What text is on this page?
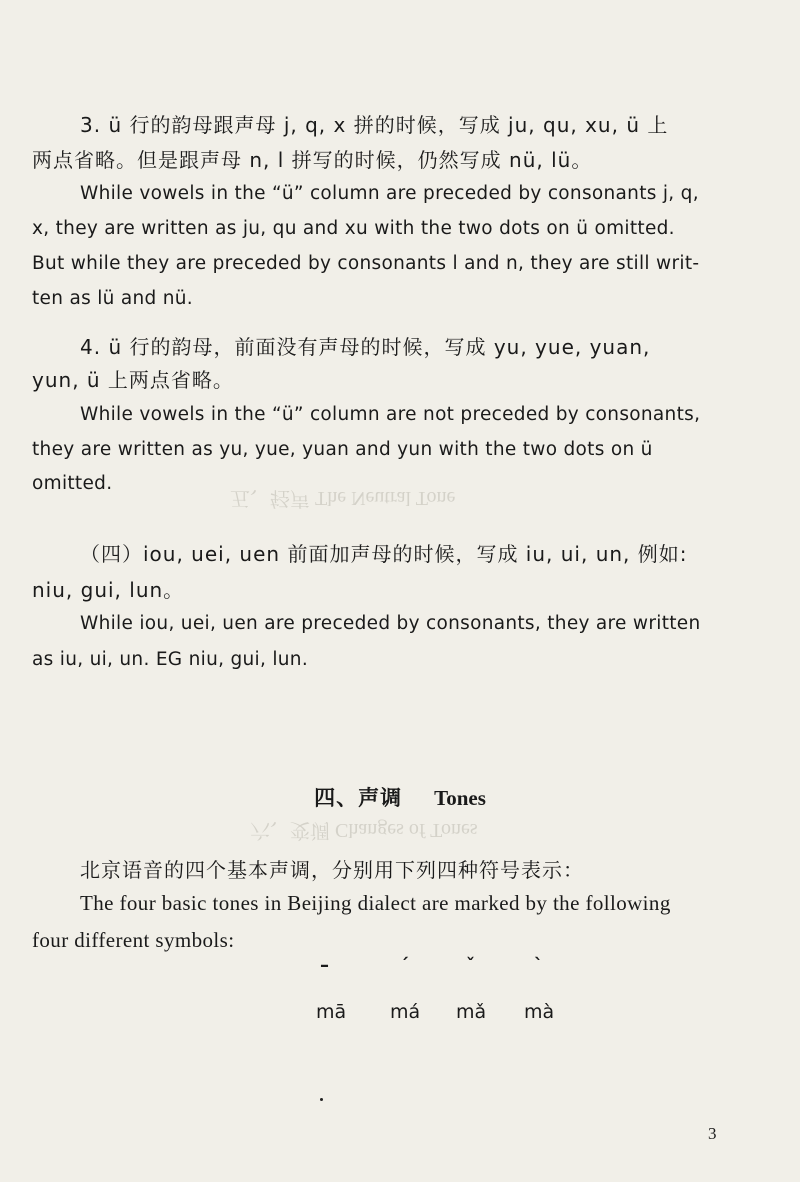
五、轻声 The Neutral Tone
六、变调 Changes of Tones
3. ü 行的韵母跟声母 j, q, x 拼的时候，写成 ju, qu, xu, ü 上
两点省略。但是跟声母 n, l 拼写的时候，仍然写成 nü, lü。
While vowels in the “ü” column are preceded by consonants j, q,
x, they are written as ju, qu and xu with the two dots on ü omitted.
But while they are preceded by consonants l and n, they are still writ-
ten as lü and nü.
4. ü 行的韵母，前面没有声母的时候，写成 yu, yue, yuan,
yun, ü 上两点省略。
While vowels in the “ü” column are not preceded by consonants,
they are written as yu, yue, yuan and yun with the two dots on ü
omitted.
（四）iou, uei, uen 前面加声母的时候，写成 iu, ui, un, 例如:
niu, gui, lun。
While iou, uei, uen are preceded by consonants, they are written
as iu, ui, un. EG niu, gui, lun.
四、声调 Tones
北京语音的四个基本声调，分别用下列四种符号表示：
The four basic tones in Beijing dialect are marked by the following
four different symbols:
–	ˊ	ˇ	ˋ
mā má mǎ mà
3
